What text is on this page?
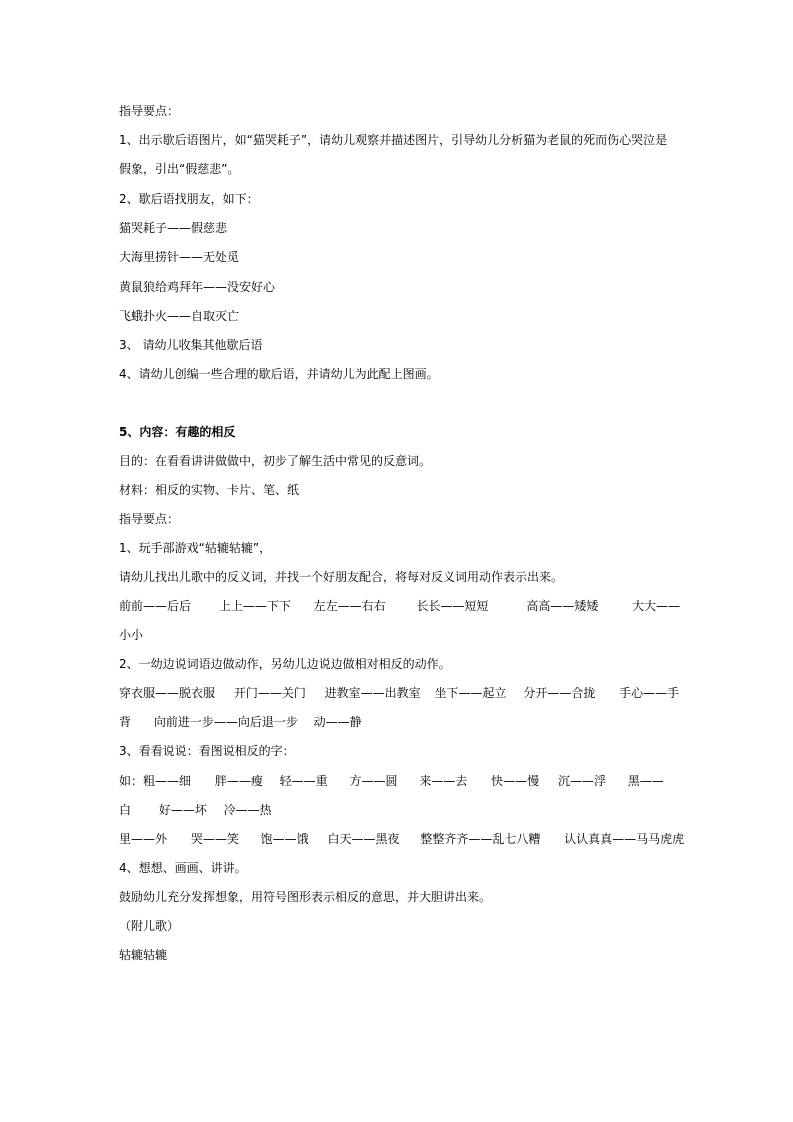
指导要点：
1、出示歇后语图片，如“猫哭耗子”，请幼儿观察并描述图片，引导幼儿分析猫为老鼠的死而伤心哭泣是假象，引出“假慈悲”。
2、歇后语找朋友，如下：
猫哭耗子——假慈悲
大海里捞针——无处觅
黄鼠狼给鸡拜年——没安好心
飞蛾扑火——自取灭亡
3、 请幼儿收集其他歇后语
4、请幼儿创编一些合理的歇后语，并请幼儿为此配上图画。
5、内容：有趣的相反
目的：在看看讲讲做做中，初步了解生活中常见的反意词。
材料：相反的实物、卡片、笔、纸
指导要点：
1、玩手部游戏“轱辘轱辘”，
请幼儿找出儿歌中的反义词，并找一个好朋友配合，将每对反义词用动作表示出来。
前前——后后 上上——下下 左左——右右	长长——短短	高高——矮矮	大大——
小小
2、一幼边说词语边做动作，另幼儿边说边做相对相反的动作。
穿衣服——脱衣服 开门——关门 进教室——出教室 坐下——起立 分开——合拢 手心——手
背 向前进一步——向后退一步 动——静
3、看看说说：看图说相反的字：
如：粗——细 胖——瘦 轻——重 方——圆 来——去 快——慢 沉——浮 黑——
白 好——坏 冷——热
里——外 哭——笑 饱——饿 白天——黑夜 整整齐齐——乱七八糟 认认真真——马马虎虎
4、想想、画画、讲讲。
鼓励幼儿充分发挥想象，用符号图形表示相反的意思，并大胆讲出来。
（附儿歌）
轱辘轱辘
